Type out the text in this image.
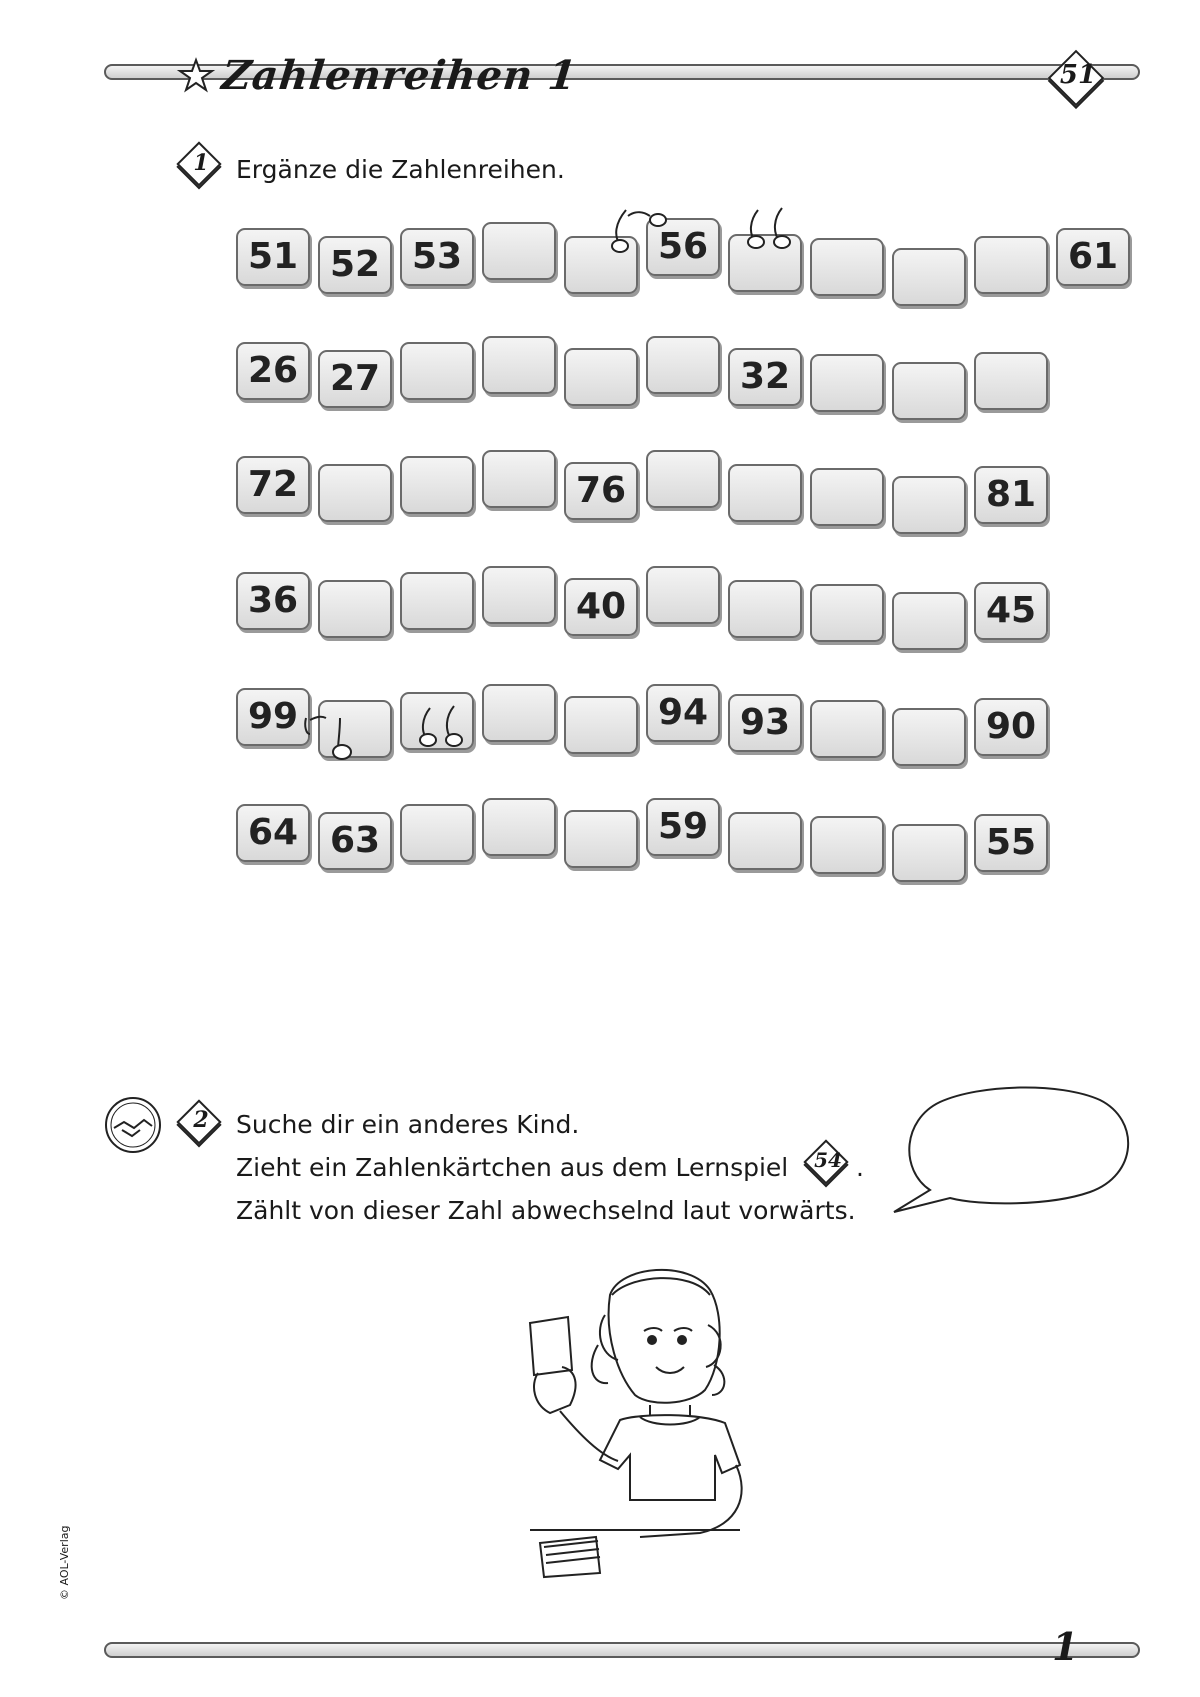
Zahlenreihen 1	51
1	Ergänze die Zahlenreihen.
51 52 53	56	61
26 27	32
72	76	81
36	40	45
99	94 93	90
64 63	59	55
2	Suche dir ein anderes Kind.
Zieht ein Zahlenkärtchen aus dem Lernspiel	54 .
Zählt von dieser Zahl abwechselnd laut vorwärts.
© AOL-Verlag
1
